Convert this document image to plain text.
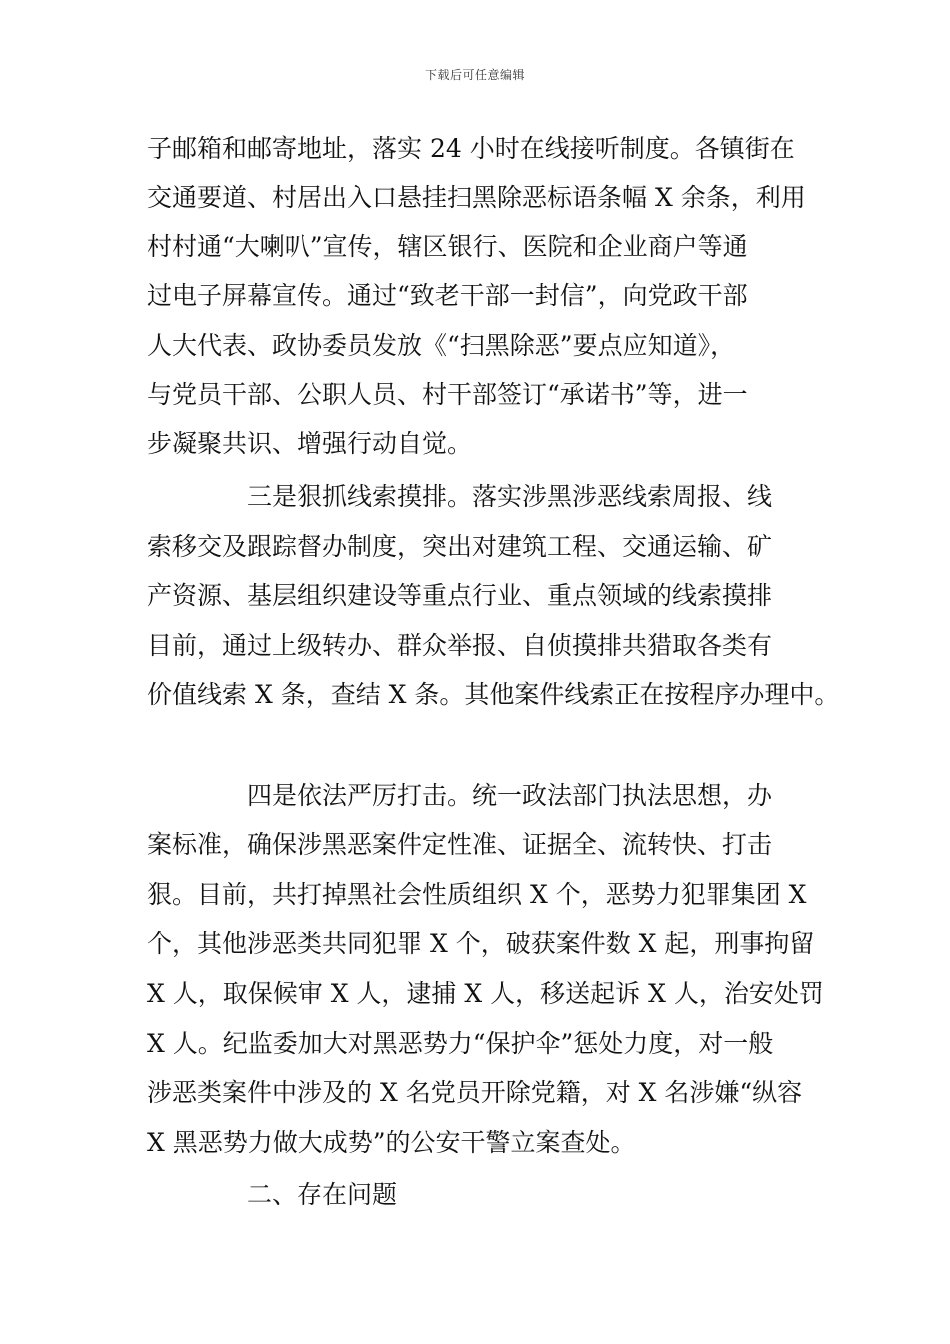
下载后可任意编辑
子邮箱和邮寄地址，落实 24 小时在线接听制度。各镇街在
交通要道、村居出入口悬挂扫黑除恶标语条幅 X 余条，利用
村村通“大喇叭”宣传，辖区银行、医院和企业商户等通
过电子屏幕宣传。通过“致老干部一封信”，向党政干部
人大代表、政协委员发放《“扫黑除恶”要点应知道》，
与党员干部、公职人员、村干部签订“承诺书”等，进一
步凝聚共识、增强行动自觉。
三是狠抓线索摸排。落实涉黑涉恶线索周报、线
索移交及跟踪督办制度，突出对建筑工程、交通运输、矿
产资源、基层组织建设等重点行业、重点领域的线索摸排
目前，通过上级转办、群众举报、自侦摸排共猎取各类有
价值线索 X 条，查结 X 条。其他案件线索正在按程序办理中。
四是依法严厉打击。统一政法部门执法思想，办
案标准，确保涉黑恶案件定性准、证据全、流转快、打击
狠。目前，共打掉黑社会性质组织 X 个，恶势力犯罪集团 X
个，其他涉恶类共同犯罪 X 个，破获案件数 X 起，刑事拘留
X 人，取保候审 X 人，逮捕 X 人，移送起诉 X 人，治安处罚
X 人。纪监委加大对黑恶势力“保护伞”惩处力度，对一般
涉恶类案件中涉及的 X 名党员开除党籍，对 X 名涉嫌“纵容
X 黑恶势力做大成势”的公安干警立案查处。
二、存在问题
